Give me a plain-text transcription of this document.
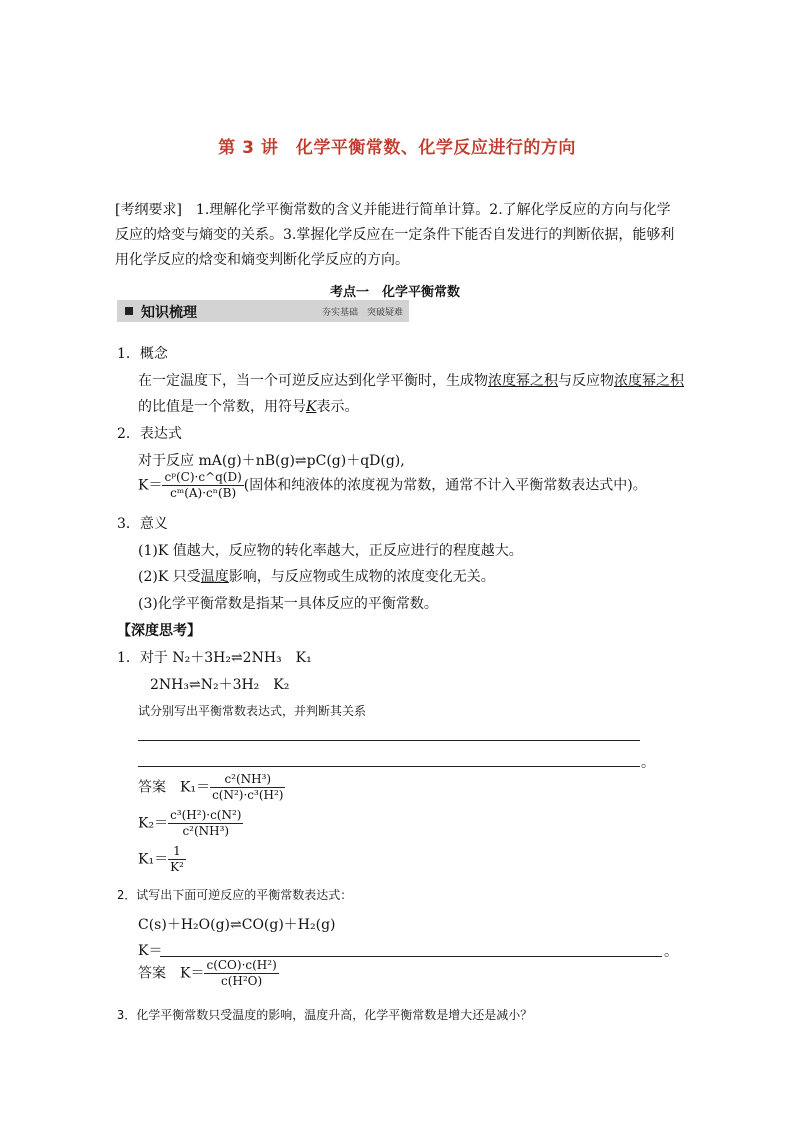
第 3 讲　化学平衡常数、化学反应进行的方向
[考纲要求]　1.理解化学平衡常数的含义并能进行简单计算。2.了解化学反应的方向与化学反应的焓变与熵变的关系。3.掌握化学反应在一定条件下能否自发进行的判断依据，能够利用化学反应的焓变和熵变判断化学反应的方向。
考点一　化学平衡常数
知识梳理	夯实基础　突破疑难
1．概念
在一定温度下，当一个可逆反应达到化学平衡时，生成物浓度幂之积与反应物浓度幂之积
的比值是一个常数，用符号K表示。
2．表达式
对于反应 mA(g)＋nB(g)⇌pC(g)＋qD(g),
$K= \frac{\text{cᵖ(C)·c\textasciicircum{}q(D)}}{\text{cᵐ(A)·cⁿ(B)}}$ (固体和纯液体的浓度视为常数，通常不计入平衡常数表达式中)。
3．意义
(1)K 值越大，反应物的转化率越大，正反应进行的程度越大。
(2)K 只受温度影响，与反应物或生成物的浓度变化无关。
(3)化学平衡常数是指某一具体反应的平衡常数。
【深度思考】
1．对于 N₂＋3H₂⇌2NH₃　K₁
2NH₃⇌N₂＋3H₂　K₂
试分别写出平衡常数表达式，并判断其关系
。
答案　 $K_1= \frac{\text{c²(NH³)}}{\text{c(N²)·c³(H²)}}$
$K_2= \frac{\text{c³(H²)·c(N²)}}{\text{c²(NH³)}}$
$K_1= \frac{1}{\text{K²}}$
2．试写出下面可逆反应的平衡常数表达式：
C(s)＋H₂O(g)⇌CO(g)＋H₂(g)
K＝	。
答案　 $K= \frac{\text{c(CO)·c(H²)}}{\text{c(H²O)}}$
3．化学平衡常数只受温度的影响，温度升高，化学平衡常数是增大还是减小？
